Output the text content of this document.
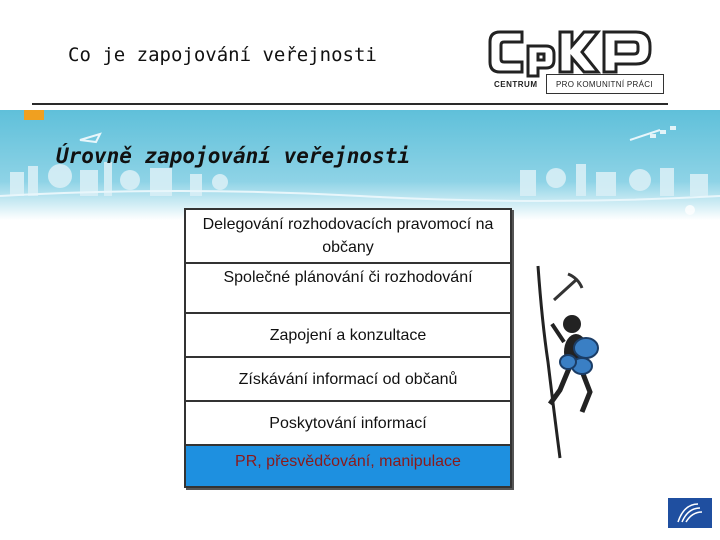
Co je zapojování veřejnosti
CENTRUM PRO KOMUNITNÍ PRÁCI
Úrovně zapojování veřejnosti
Delegování rozhodovacích pravomocí na občany
Společné plánování či rozhodování
Zapojení a konzultace
Získávání informací od občanů
Poskytování informací
PR, přesvědčování, manipulace
